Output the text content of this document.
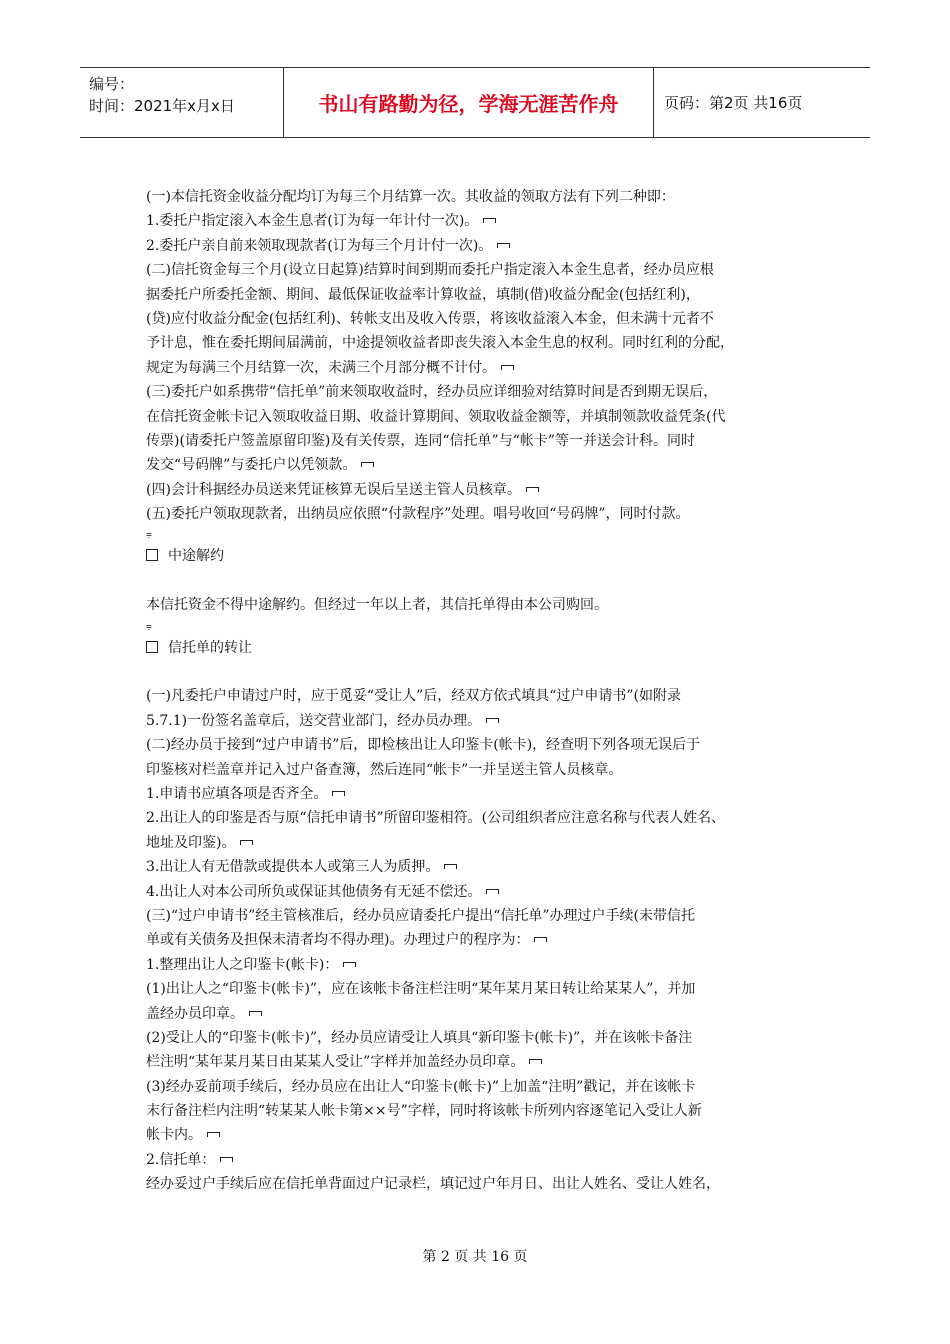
编号：
时间：2021年x月x日	书山有路勤为径，学海无涯苦作舟	页码：第2页 共16页
(一)本信托资金收益分配均订为每三个月结算一次。其收益的领取方法有下列二种即：
1.委托户指定滚入本金生息者(订为每一年计付一次)。
2.委托户亲自前来领取现款者(订为每三个月计付一次)。
(二)信托资金每三个月(设立日起算)结算时间到期而委托户指定滚入本金生息者，经办员应根
据委托户所委托金额、期间、最低保证收益率计算收益，填制(借)收益分配金(包括红利)，
(贷)应付收益分配金(包括红利)、转帐支出及收入传票，将该收益滚入本金，但未满十元者不
予计息，惟在委托期间届满前，中途提领收益者即丧失滚入本金生息的权利。同时红利的分配，
规定为每满三个月结算一次，未满三个月部分概不计付。
(三)委托户如系携带“信托单”前来领取收益时，经办员应详细验对结算时间是否到期无误后，
在信托资金帐卡记入领取收益日期、收益计算期间、领取收益金额等，并填制领款收益凭条(代
传票)(请委托户签盖原留印鉴)及有关传票，连同“信托单”与“帐卡”等一并送会计科。同时
发交“号码牌”与委托户以凭领款。
(四)会计科据经办员送来凭证核算无误后呈送主管人员核章。
(五)委托户领取现款者，出纳员应依照“付款程序”处理。唱号收回“号码牌”，同时付款。
⩦
中途解约
本信托资金不得中途解约。但经过一年以上者，其信托单得由本公司购回。
⩦
信托单的转让
(一)凡委托户申请过户时，应于觅妥“受让人”后，经双方依式填具“过户申请书”(如附录
5.7.1)一份签名盖章后，送交营业部门，经办员办理。
(二)经办员于接到“过户申请书”后，即检核出让人印鉴卡(帐卡)，经查明下列各项无误后于
印鉴核对栏盖章并记入过户备查簿，然后连同“帐卡”一并呈送主管人员核章。
1.申请书应填各项是否齐全。
2.出让人的印鉴是否与原“信托申请书”所留印鉴相符。(公司组织者应注意名称与代表人姓名、
地址及印鉴)。
3.出让人有无借款或提供本人或第三人为质押。
4.出让人对本公司所负或保证其他债务有无延不偿还。
(三)“过户申请书”经主管核准后，经办员应请委托户提出“信托单”办理过户手续(未带信托
单或有关债务及担保未清者均不得办理)。办理过户的程序为：
1.整理出让人之印鉴卡(帐卡)：
(1)出让人之“印鉴卡(帐卡)”，应在该帐卡备注栏注明“某年某月某日转让给某某人”，并加
盖经办员印章。
(2)受让人的“印鉴卡(帐卡)”，经办员应请受让人填具“新印鉴卡(帐卡)”，并在该帐卡备注
栏注明“某年某月某日由某某人受让”字样并加盖经办员印章。
(3)经办妥前项手续后，经办员应在出让人“印鉴卡(帐卡)”上加盖“注明”戳记，并在该帐卡
末行备注栏内注明“转某某人帐卡第××号”字样，同时将该帐卡所列内容逐笔记入受让人新
帐卡内。
2.信托单：
经办妥过户手续后应在信托单背面过户记录栏，填记过户年月日、出让人姓名、受让人姓名，
第 2 页 共 16 页
